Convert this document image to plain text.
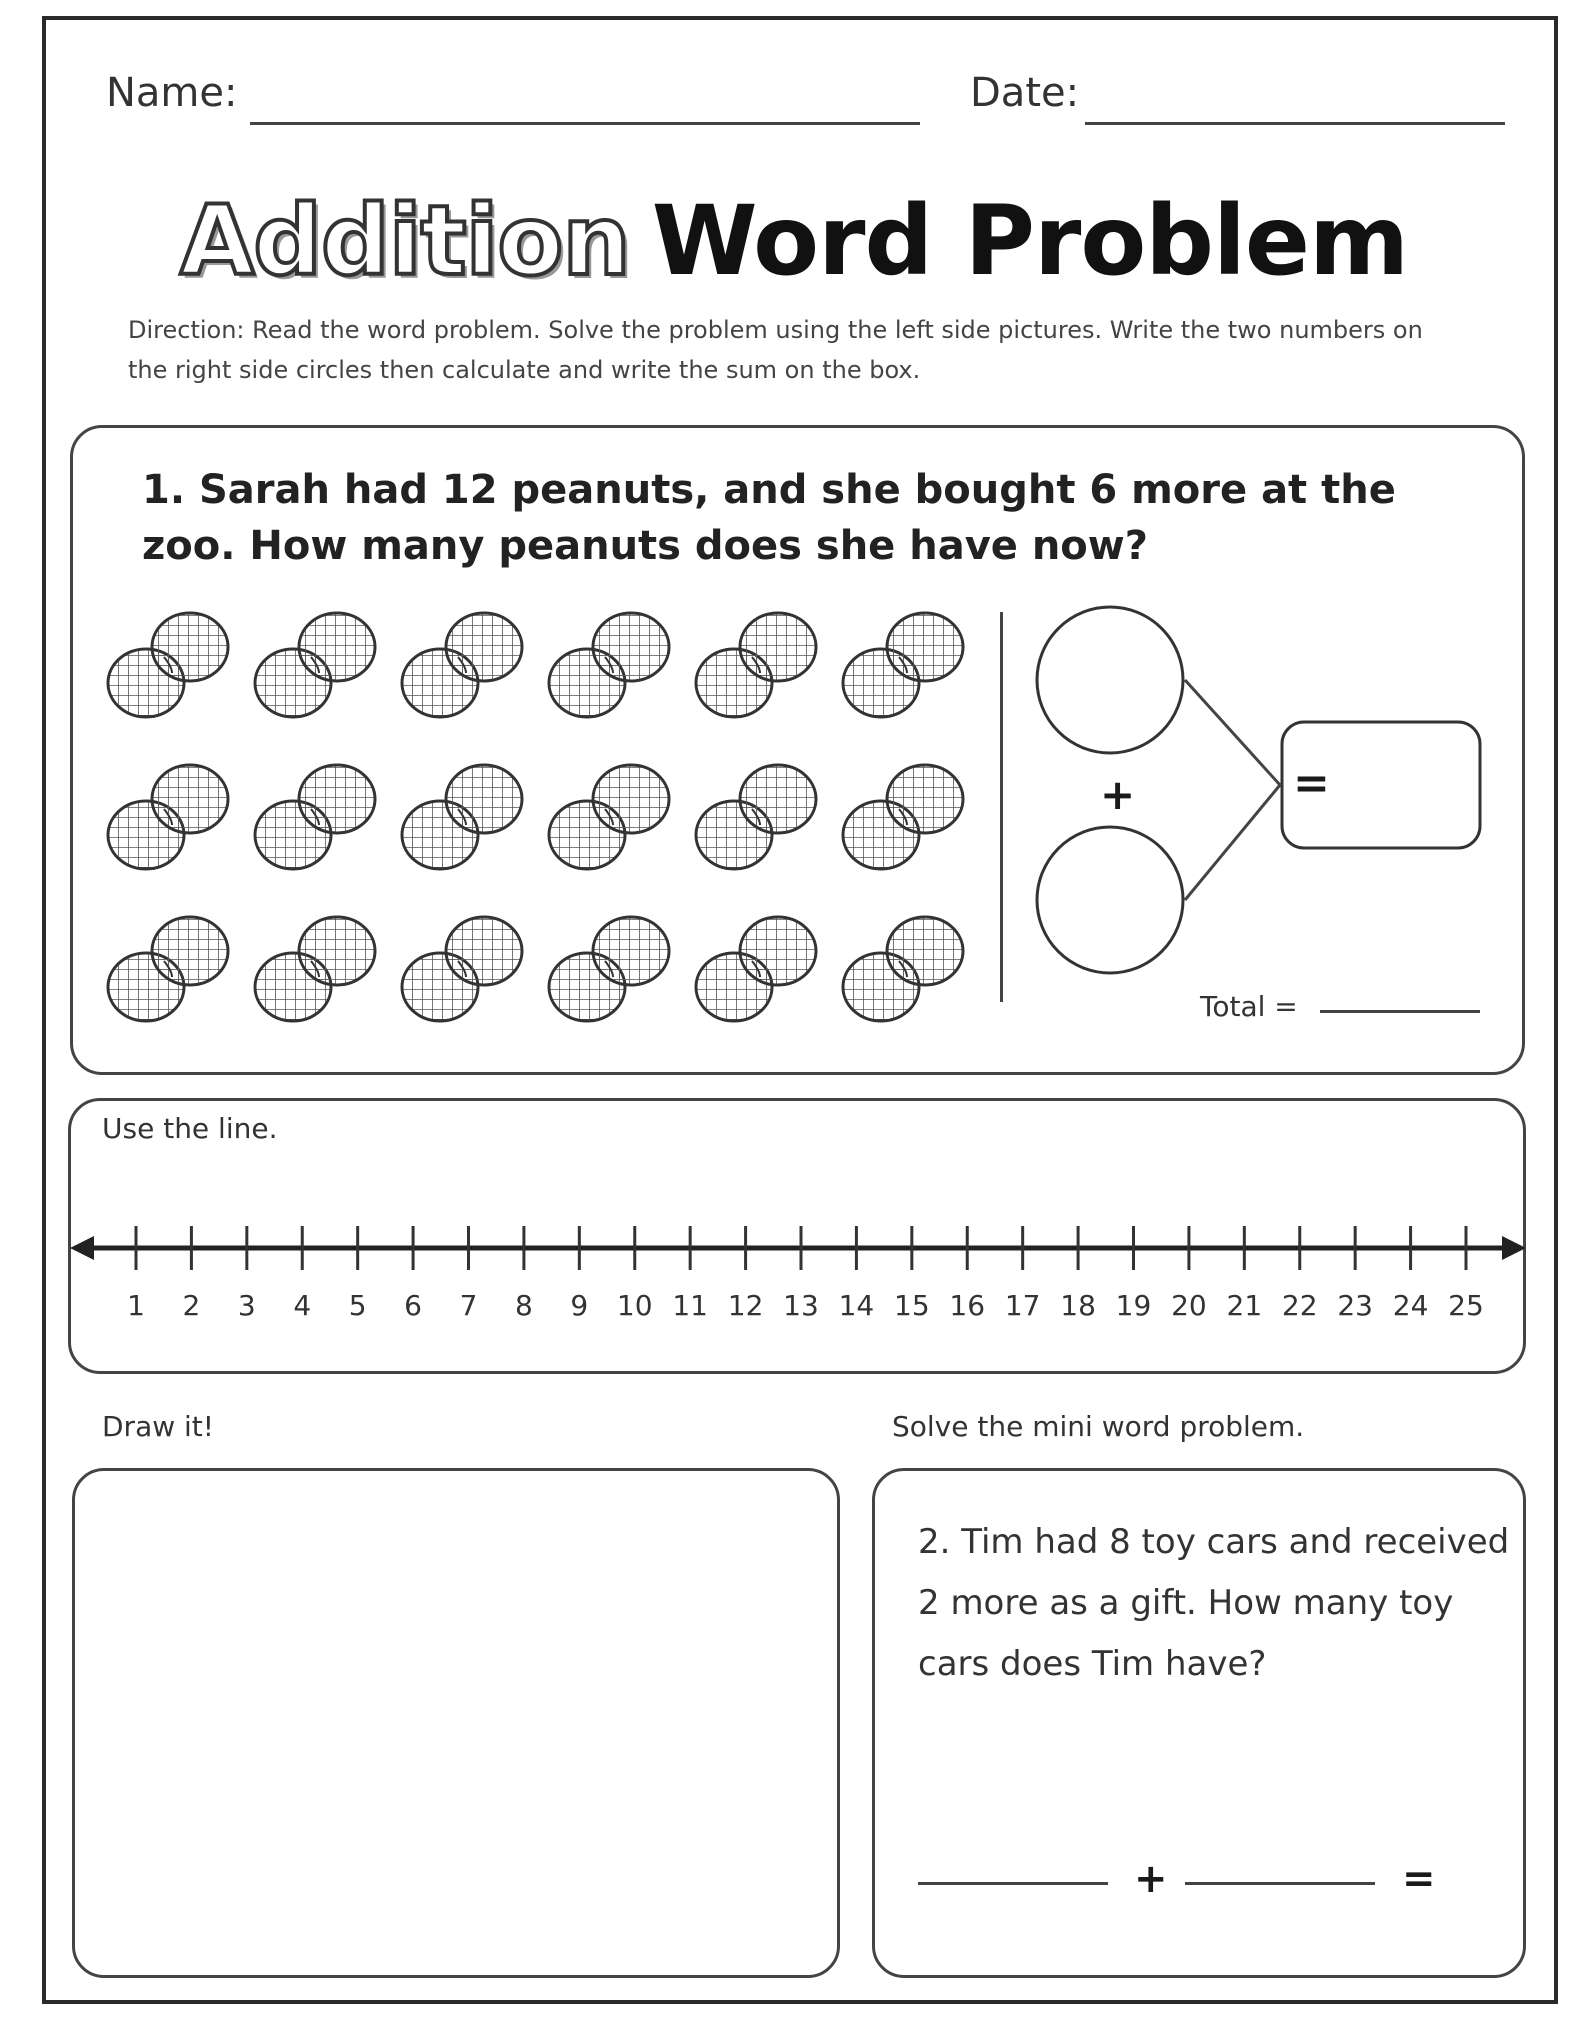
Name:	Date:
Addition Word Problem
Direction: Read the word problem. Solve the problem using the left side pictures. Write the two numbers on the right side circles then calculate and write the sum on the box.
1. Sarah had 12 peanuts, and she bought 6 more at the zoo. How many peanuts does she have now?
+	=
Total =
Use the line.
1 2 3 4 5 6 7 8 9 10 11 12 13 14 15 16 17 18 19 20 21 22 23 24 25
Draw it!	Solve the mini word problem.
2. Tim had 8 toy cars and received 2 more as a gift. How many toy cars does Tim have?
+	=
